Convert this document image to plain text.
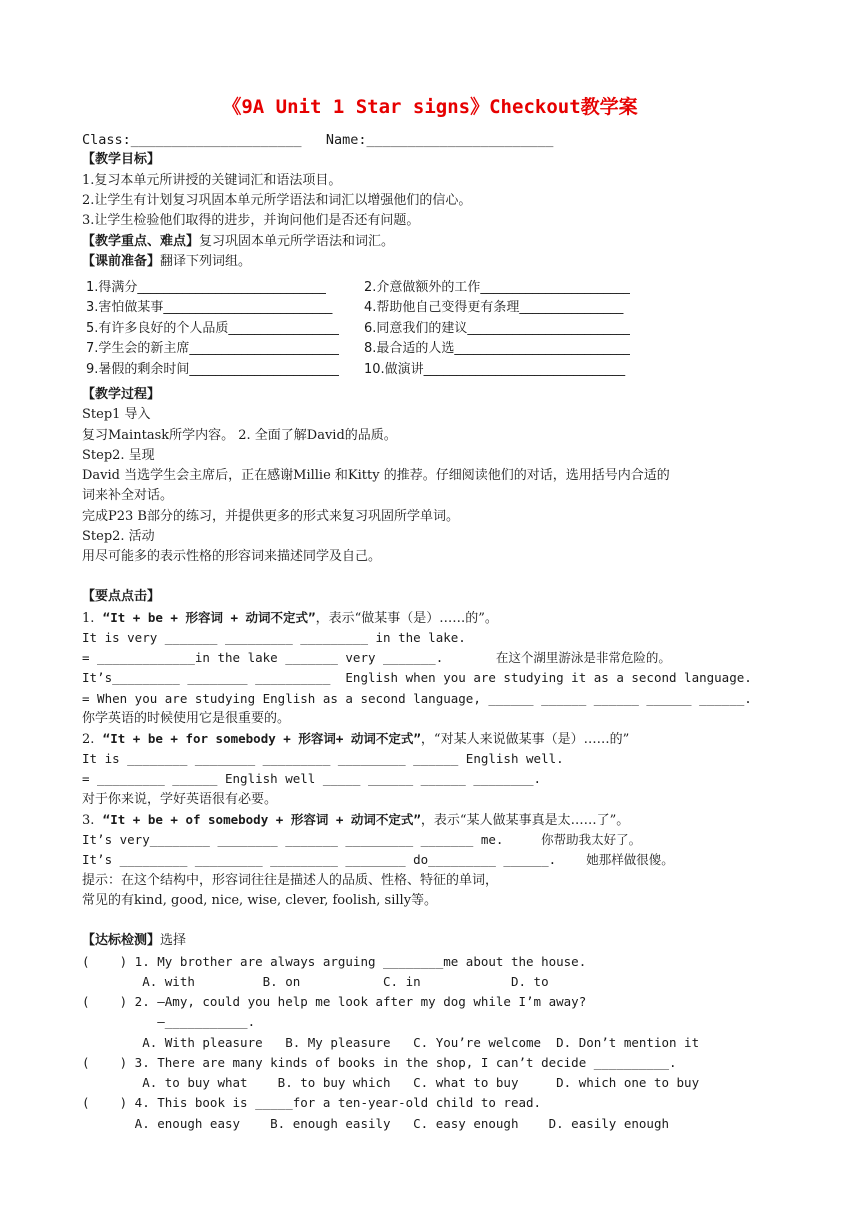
《9A Unit 1 Star signs》Checkout教学案
Class:_____________________   Name:_______________________
【教学目标】
1.复习本单元所讲授的关键词汇和语法项目。
2.让学生有计划复习巩固本单元所学语法和词汇以增强他们的信心。
3.让学生检验他们取得的进步，并询问他们是否还有问题。
【教学重点、难点】复习巩固本单元所学语法和词汇。
【课前准备】翻译下列词组。
1.得满分_____________________________	2.介意做额外的工作_______________________
3.害怕做某事__________________________ 4.帮助他自己变得更有条理________________
5.有许多良好的个人品质_________________ 6.同意我们的建议_________________________
7.学生会的新主席_______________________ 8.最合适的人选___________________________
9.暑假的剩余时间_______________________ 10.做演讲_______________________________
【教学过程】
Step1 导入
复习Maintask所学内容。 2. 全面了解David的品质。
Step2. 呈现
David 当选学生会主席后，正在感谢Millie 和Kitty 的推荐。仔细阅读他们的对话，选用括号内合适的
词来补全对话。
完成P23 B部分的练习，并提供更多的形式来复习巩固所学单词。
Step2. 活动
用尽可能多的表示性格的形容词来描述同学及自己。
【要点点击】
1.  “It + be + 形容词 + 动词不定式”，表示“做某事（是）……的”。
It is very _______ _________ _________ in the lake.
= _____________in the lake _______ very _______.       在这个湖里游泳是非常危险的。
It’s_________ ________ __________  English when you are studying it as a second language.
= When you are studying English as a second language, ______ ______ ______ ______ ______.
你学英语的时候使用它是很重要的。
2.  “It + be + for somebody + 形容词+ 动词不定式”，“对某人来说做某事（是）……的”
It is ________ ________ _________ _________ ______ English well.
= _________ ______ English well _____ ______ ______ ________.
对于你来说，学好英语很有必要。
3.  “It + be + of somebody + 形容词 + 动词不定式”，表示“某人做某事真是太……了”。
It’s very________ ________ _______ _________ _______ me.     你帮助我太好了。
It’s _________ _________ _________ ________ do_________ ______.    她那样做很傻。
提示：在这个结构中，形容词往往是描述人的品质、性格、特征的单词，
常见的有kind, good, nice, wise, clever, foolish, silly等。
【达标检测】选择
(    ) 1. My brother are always arguing ________me about the house.
A. with         B. on           C. in            D. to
(    ) 2. –Amy, could you help me look after my dog while I’m away?
–___________.
A. With pleasure   B. My pleasure   C. You’re welcome  D. Don’t mention it
(    ) 3. There are many kinds of books in the shop, I can’t decide __________.
A. to buy what    B. to buy which   C. what to buy     D. which one to buy
(    ) 4. This book is _____for a ten-year-old child to read.
A. enough easy    B. enough easily   C. easy enough    D. easily enough
